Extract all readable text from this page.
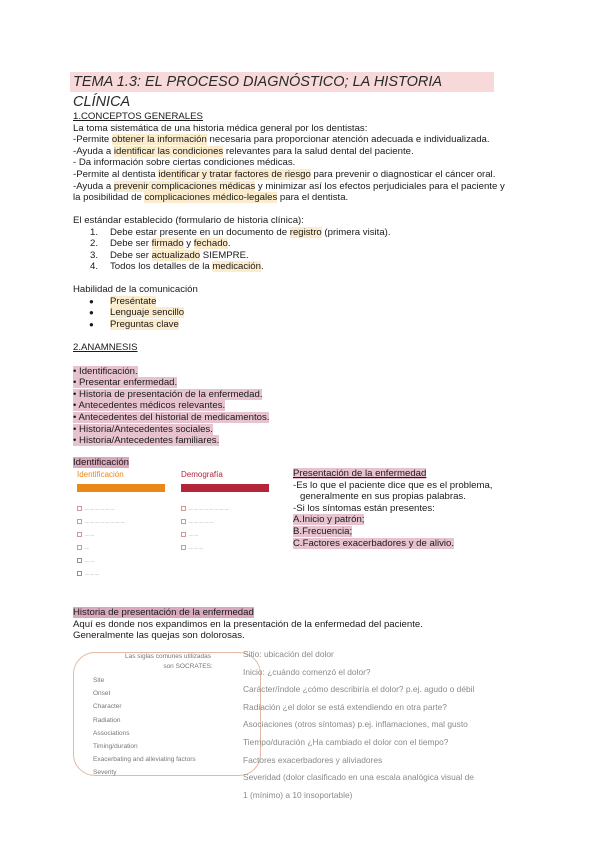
TEMA 1.3: EL PROCESO DIAGNÓSTICO; LA HISTORIA CLÍNICA
1.CONCEPTOS GENERALES
La toma sistemática de una historia médica general por los dentistas:
-Permite obtener la información necesaria para proporcionar atención adecuada e individualizada.
-Ayuda a identificar las condiciones relevantes para la salud dental del paciente.
- Da información sobre ciertas condiciones médicas.
-Permite al dentista identificar y tratar factores de riesgo para prevenir o diagnosticar el cáncer oral.
-Ayuda a prevenir complicaciones médicas y minimizar así los efectos perjudiciales para el paciente y
la posibilidad de complicaciones médico-legales para el dentista.
El estándar establecido (formulario de historia clínica):
1. Debe estar presente en un documento de registro (primera visita).
2. Debe ser firmado y fechado.
3. Debe ser actualizado SIEMPRE.
4. Todos los detalles de la medicación.
Habilidad de la comunicación
● Preséntate
● Lenguaje sencillo
● Preguntas clave
2.ANAMNESIS
• Identificación.
• Presentar enfermedad.
• Historia de presentación de la enfermedad.
• Antecedentes médicos relevantes.
• Antecedentes del historial de medicamentos.
• Historia/Antecedentes sociales.
• Historia/Antecedentes familiares.
Identificación
Identificación
— — — — — —
— — — — — — — —
— —
—
— —
— — —
Demografía
— — — — — — — —
— — — — —
— —
— — —
Presentación de la enfermedad
-Es lo que el paciente dice que es el problema,
generalmente en sus propias palabras.
-Si los síntomas están presentes:
A.Inicio y patrón;
B.Frecuencia;
C.Factores exacerbadores y de alivio.
Historia de presentación de la enfermedad
Aquí es donde nos expandimos en la presentación de la enfermedad del paciente.
Generalmente las quejas son dolorosas.
Las siglas comunes utilizadas
son SOCRATES:
Site
Onset
Character
Radiation
Associations
Timing/duration
Exacerbating and alleviating factors
Severity
Sitio: ubicación del dolor
Inicio: ¿cuándo comenzó el dolor?
Carácter/índole ¿cómo describiría el dolor? p.ej. agudo o débil
Radiación ¿el dolor se está extendiendo en otra parte?
Asociaciones (otros síntomas) p.ej. inflamaciones, mal gusto
Tiempo/duración ¿Ha cambiado el dolor con el tiempo?
Factores exacerbadores y aliviadores
Severidad (dolor clasificado en una escala analógica visual de
1 (mínimo) a 10 insoportable)
